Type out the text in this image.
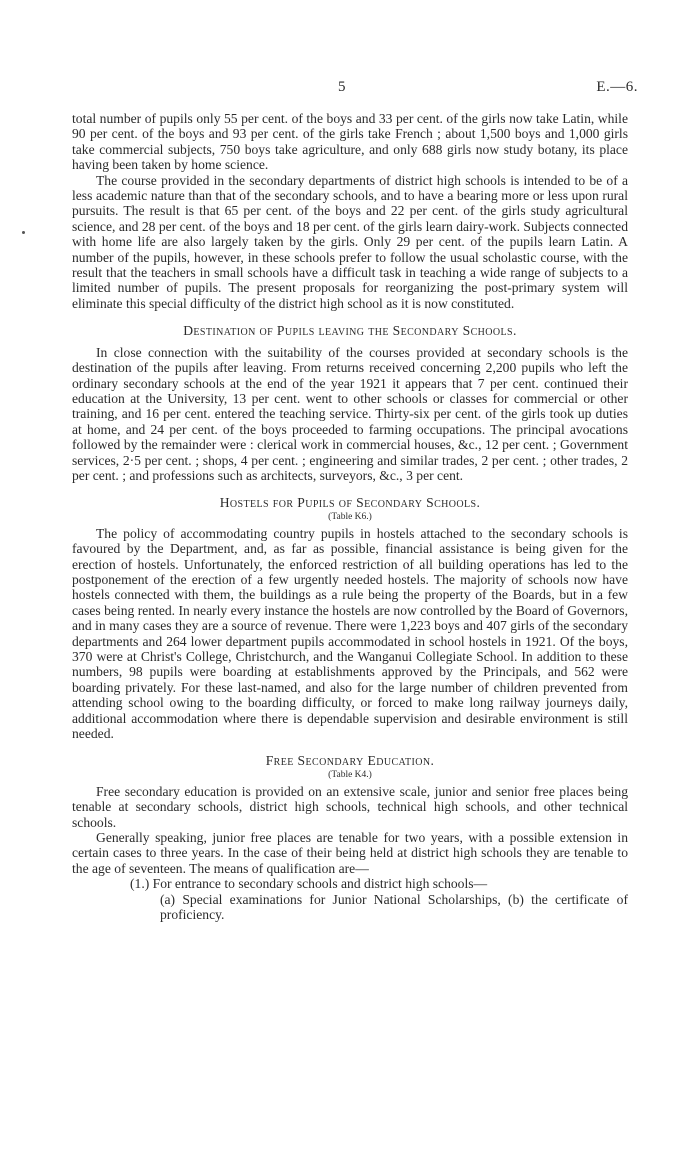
5	E.—6.

total number of pupils only 55 per cent. of the boys and 33 per cent. of the girls now take Latin, while 90 per cent. of the boys and 93 per cent. of the girls take French ; about 1,500 boys and 1,000 girls take commercial subjects, 750 boys take agriculture, and only 688 girls now study botany, its place having been taken by home science.

The course provided in the secondary departments of district high schools is intended to be of a less academic nature than that of the secondary schools, and to have a bearing more or less upon rural pursuits. The result is that 65 per cent. of the boys and 22 per cent. of the girls study agricultural science, and 28 per cent. of the boys and 18 per cent. of the girls learn dairy-work. Subjects connected with home life are also largely taken by the girls. Only 29 per cent. of the pupils learn Latin. A number of the pupils, however, in these schools prefer to follow the usual scholastic course, with the result that the teachers in small schools have a difficult task in teaching a wide range of subjects to a limited number of pupils. The present proposals for reorganizing the post-primary system will eliminate this special difficulty of the district high school as it is now constituted.

Destination of Pupils leaving the Secondary Schools.

In close connection with the suitability of the courses provided at secondary schools is the destination of the pupils after leaving. From returns received concerning 2,200 pupils who left the ordinary secondary schools at the end of the year 1921 it appears that 7 per cent. continued their education at the University, 13 per cent. went to other schools or classes for commercial or other training, and 16 per cent. entered the teaching service. Thirty-six per cent. of the girls took up duties at home, and 24 per cent. of the boys proceeded to farming occupations. The principal avocations followed by the remainder were : clerical work in commercial houses, &c., 12 per cent. ; Government services, 2·5 per cent. ; shops, 4 per cent. ; engineering and similar trades, 2 per cent. ; other trades, 2 per cent. ; and professions such as architects, surveyors, &c., 3 per cent.

Hostels for Pupils of Secondary Schools.

(Table K6.)

The policy of accommodating country pupils in hostels attached to the secondary schools is favoured by the Department, and, as far as possible, financial assistance is being given for the erection of hostels. Unfortunately, the enforced restriction of all building operations has led to the postponement of the erection of a few urgently needed hostels. The majority of schools now have hostels connected with them, the buildings as a rule being the property of the Boards, but in a few cases being rented. In nearly every instance the hostels are now controlled by the Board of Governors, and in many cases they are a source of revenue. There were 1,223 boys and 407 girls of the secondary departments and 264 lower department pupils accommodated in school hostels in 1921. Of the boys, 370 were at Christ's College, Christchurch, and the Wanganui Collegiate School. In addition to these numbers, 98 pupils were boarding at establishments approved by the Principals, and 562 were boarding privately. For these last-named, and also for the large number of children prevented from attending school owing to the boarding difficulty, or forced to make long railway journeys daily, additional accommodation where there is dependable supervision and desirable environment is still needed.

Free Secondary Education.

(Table K4.)

Free secondary education is provided on an extensive scale, junior and senior free places being tenable at secondary schools, district high schools, technical high schools, and other technical schools.

Generally speaking, junior free places are tenable for two years, with a possible extension in certain cases to three years. In the case of their being held at district high schools they are tenable to the age of seventeen. The means of qualification are—

(1.) For entrance to secondary schools and district high schools—

(a) Special examinations for Junior National Scholarships, (b) the certificate of proficiency.
